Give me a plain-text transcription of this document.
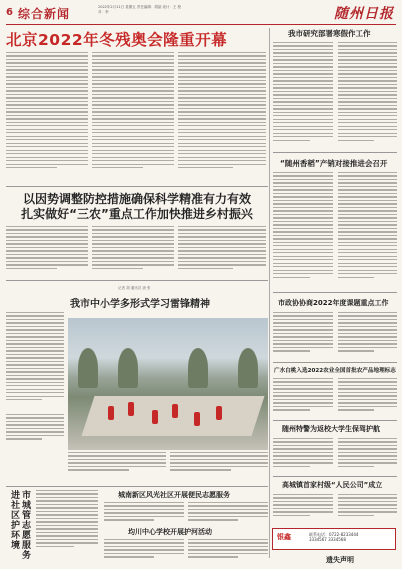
6 综合新闻	2022年2月11日 星期五 责任编辑：胡晶 设计：王 校对：李	随州日报
北京2022年冬残奥会隆重开幕	我市研究部署寒假作工作
以因势调整防控措施确保科学精准有力有效
扎实做好“三农”重点工作加快推进乡村振兴
“随州香稻”产销对接推进会召开
记者 胡 通讯员 唐 张
我市中小学多形式学习雷锋精神	市政协协商2022年度课题重点工作
广水白桃入选2022农业全国首批农产品地理标志
随州特警为返校大学生保驾护航
高城镇首家村级“人民公司”成立
银鑫	联系电话：0722-8233444
3334567 3334568
遗失声明
市城管志愿服务进社区护环境	城南新区风光社区开展便民志愿服务
均川中心学校开展护河活动
